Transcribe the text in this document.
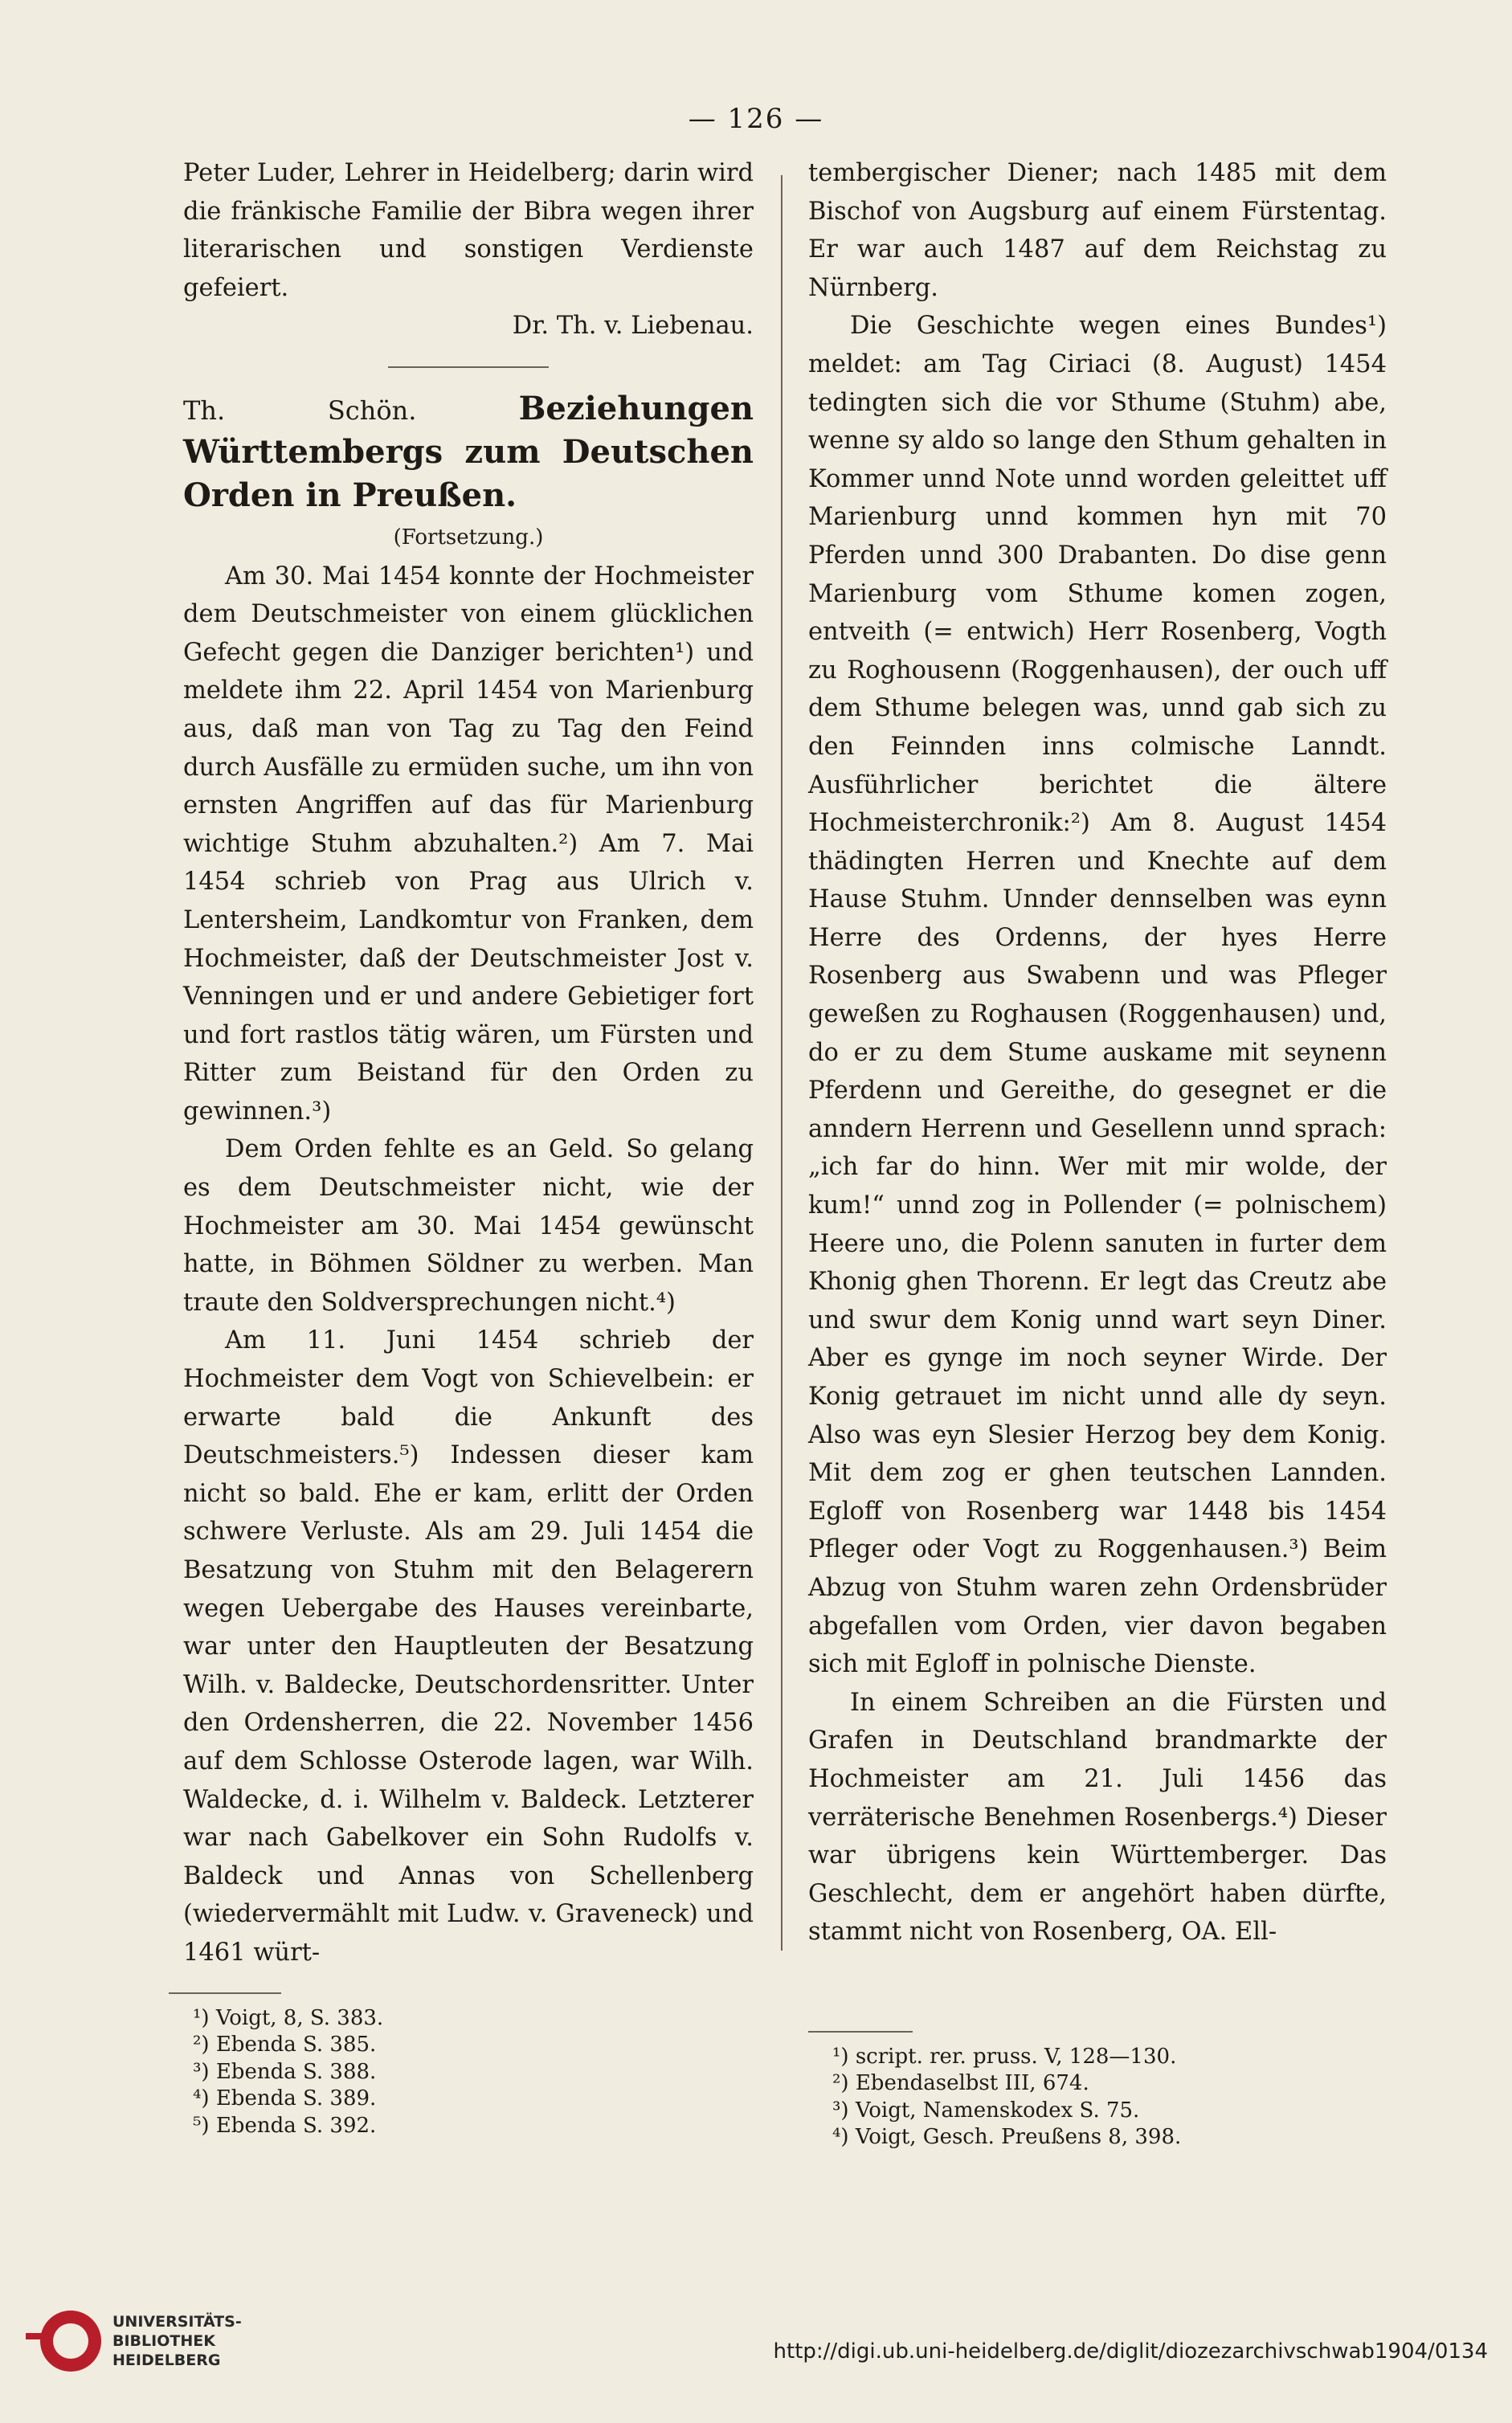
— 126 —

Peter Luder, Lehrer in Heidelberg; darin wird die fränkische Familie der Bibra wegen ihrer literarischen und sonstigen Verdienste gefeiert.

Dr. Th. v. Liebenau.

Th. Schön.	Beziehungen Württembergs zum Deutschen Orden in Preußen.

(Fortsetzung.)

Am 30. Mai 1454 konnte der Hochmeister dem Deutschmeister von einem glücklichen Gefecht gegen die Danziger berichten¹) und meldete ihm 22. April 1454 von Marienburg aus, daß man von Tag zu Tag den Feind durch Ausfälle zu ermüden suche, um ihn von ernsten Angriffen auf das für Marienburg wichtige Stuhm abzuhalten.²) Am 7. Mai 1454 schrieb von Prag aus Ulrich v. Lentersheim, Landkomtur von Franken, dem Hochmeister, daß der Deutschmeister Jost v. Venningen und er und andere Gebietiger fort und fort rastlos tätig wären, um Fürsten und Ritter zum Beistand für den Orden zu gewinnen.³)

Dem Orden fehlte es an Geld. So gelang es dem Deutschmeister nicht, wie der Hochmeister am 30. Mai 1454 gewünscht hatte, in Böhmen Söldner zu werben. Man traute den Soldversprechungen nicht.⁴)

Am 11. Juni 1454 schrieb der Hochmeister dem Vogt von Schievelbein: er erwarte bald die Ankunft des Deutschmeisters.⁵) Indessen dieser kam nicht so bald. Ehe er kam, erlitt der Orden schwere Verluste. Als am 29. Juli 1454 die Besatzung von Stuhm mit den Belagerern wegen Uebergabe des Hauses vereinbarte, war unter den Hauptleuten der Besatzung Wilh. v. Baldecke, Deutschordensritter. Unter den Ordensherren, die 22. November 1456 auf dem Schlosse Osterode lagen, war Wilh. Waldecke, d. i. Wilhelm v. Baldeck. Letzterer war nach Gabelkover ein Sohn Rudolfs v. Baldeck und Annas von Schellenberg (wiedervermählt mit Ludw. v. Graveneck) und 1461 würt-

tembergischer Diener; nach 1485 mit dem Bischof von Augsburg auf einem Fürstentag. Er war auch 1487 auf dem Reichstag zu Nürnberg.

Die Geschichte wegen eines Bundes¹) meldet: am Tag Ciriaci (8. August) 1454 tedingten sich die vor Sthume (Stuhm) abe, wenne sy aldo so lange den Sthum gehalten in Kommer unnd Note unnd worden geleittet uff Marienburg unnd kommen hyn mit 70 Pferden unnd 300 Drabanten. Do dise genn Marienburg vom Sthume komen zogen, entveith (= entwich) Herr Rosenberg, Vogth zu Roghousenn (Roggenhausen), der ouch uff dem Sthume belegen was, unnd gab sich zu den Feinnden inns colmische Lanndt. Ausführlicher berichtet die ältere Hochmeisterchronik:²) Am 8. August 1454 thädingten Herren und Knechte auf dem Hause Stuhm. Unnder dennselben was eynn Herre des Ordenns, der hyes Herre Rosenberg aus Swabenn und was Pfleger geweßen zu Roghausen (Roggenhausen) und, do er zu dem Stume auskame mit seynenn Pferdenn und Gereithe, do gesegnet er die anndern Herrenn und Gesellenn unnd sprach: „ich far do hinn. Wer mit mir wolde, der kum!“ unnd zog in Pollender (= polnischem) Heere uno, die Polenn sanuten in furter dem Khonig ghen Thorenn. Er legt das Creutz abe und swur dem Konig unnd wart seyn Diner. Aber es gynge im noch seyner Wirde. Der Konig getrauet im nicht unnd alle dy seyn. Also was eyn Slesier Herzog bey dem Konig. Mit dem zog er ghen teutschen Lannden. Egloff von Rosenberg war 1448 bis 1454 Pfleger oder Vogt zu Roggenhausen.³) Beim Abzug von Stuhm waren zehn Ordensbrüder abgefallen vom Orden, vier davon begaben sich mit Egloff in polnische Dienste.

In einem Schreiben an die Fürsten und Grafen in Deutschland brandmarkte der Hochmeister am 21. Juli 1456 das verräterische Benehmen Rosenbergs.⁴) Dieser war übrigens kein Württemberger. Das Geschlecht, dem er angehört haben dürfte, stammt nicht von Rosenberg, OA. Ell-

¹) Voigt, 8, S. 383.

²) Ebenda S. 385.

³) Ebenda S. 388.

⁴) Ebenda S. 389.

⁵) Ebenda S. 392.

¹) script. rer. pruss. V, 128—130.

²) Ebendaselbst III, 674.

³) Voigt, Namenskodex S. 75.

⁴) Voigt, Gesch. Preußens 8, 398.

UNIVERSITÄTS-
BIBLIOTHEK
HEIDELBERG	http://digi.ub.uni-heidelberg.de/diglit/diozezarchivschwab1904/0134
